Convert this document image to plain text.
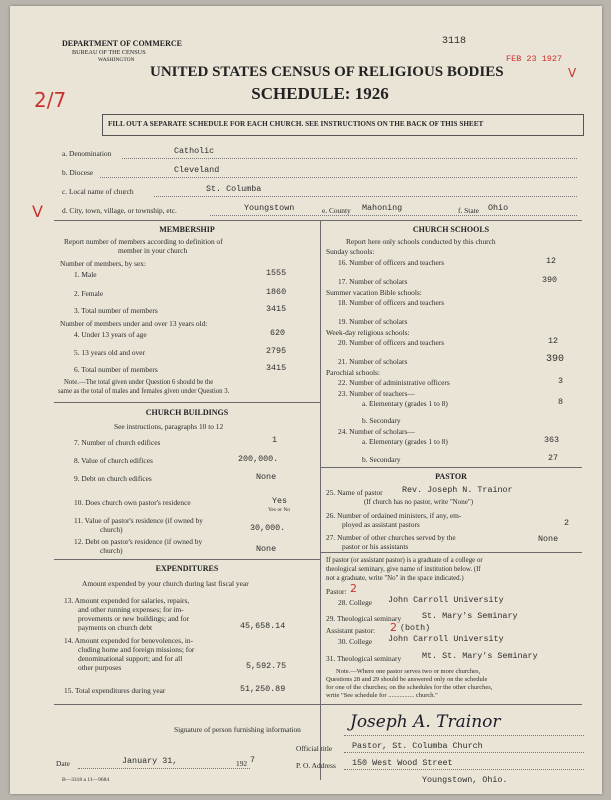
DEPARTMENT OF COMMERCE
BUREAU OF THE CENSUS
WASHINGTON
3118
FEB 23 1927
UNITED STATES CENSUS OF RELIGIOUS BODIES
SCHEDULE: 1926
2/7
V
FILL OUT A SEPARATE SCHEDULE FOR EACH CHURCH. SEE INSTRUCTIONS ON THE BACK OF THIS SHEET
a. Denomination	Catholic
b. Diocese	Cleveland
c. Local name of church	St. Columba
d. City, town, village, or township, etc.	Youngstown	e. County Mahoning	f. State Ohio
V
MEMBERSHIP
Report number of members according to definition of
member in your church
Number of members, by sex:
1. Male	1555
2. Female	1860
3. Total number of members	3415
Number of members under and over 13 years old:
4. Under 13 years of age	620
5. 13 years old and over	2795
6. Total number of members	3415
Note.—The total given under Question 6 should be the
same as the total of males and females given under Question 3.
CHURCH BUILDINGS
See instructions, paragraphs 10 to 12
7. Number of church edifices	1
8. Value of church edifices	200,000.
9. Debt on church edifices	None
10. Does church own pastor's residence	Yes
Yes or No
11. Value of pastor's residence (if owned by
church)	30,000.
12. Debt on pastor's residence (if owned by
church)	None
EXPENDITURES
Amount expended by your church during last fiscal year
13. Amount expended for salaries, repairs,
and other running expenses; for im-
provements or new buildings; and for
payments on church debt	45,658.14
14. Amount expended for benevolences, in-
cluding home and foreign missions; for
denominational support; and for all
other purposes	5,592.75
15. Total expenditures during year	51,250.89
CHURCH SCHOOLS
Report here only schools conducted by this church
Sunday schools:
16. Number of officers and teachers	12
17. Number of scholars	390
Summer vacation Bible schools:
18. Number of officers and teachers
19. Number of scholars
Week-day religious schools:
20. Number of officers and teachers	12
21. Number of scholars	390
Parochial schools:
22. Number of administrative officers	3
23. Number of teachers—
a. Elementary (grades 1 to 8)	8
b. Secondary
24. Number of scholars—
a. Elementary (grades 1 to 8)	363
b. Secondary	27
PASTOR
25. Name of pastor Rev. Joseph N. Trainor
(If church has no pastor, write "None")
26. Number of ordained ministers, if any, em-
ployed as assistant pastors	2
27. Number of other churches served by the
pastor or his assistants
None
If pastor (or assistant pastor) is a graduate of a college or
theological seminary, give name of institution below. (If
not a graduate, write "No" in the space indicated.)
Pastor: 2
28. College John Carroll University
29. Theological seminary St. Mary's Seminary
Assistant pastor: 2 (both)
30. College John Carroll University
31. Theological seminary Mt. St. Mary's Seminary
Note.—Where one pastor serves two or more churches,
Questions 28 and 29 should be answered only on the schedule
for one of the churches; on the schedules for the other churches,
write "See schedule for ................ church."
Signature of person furnishing information	Joseph A. Trainor
Official title Pastor, St. Columba Church
Date	January 31,	192 7
P. O. Address 150 West Wood Street
Youngstown, Ohio.
B—3318 a 11—9684
